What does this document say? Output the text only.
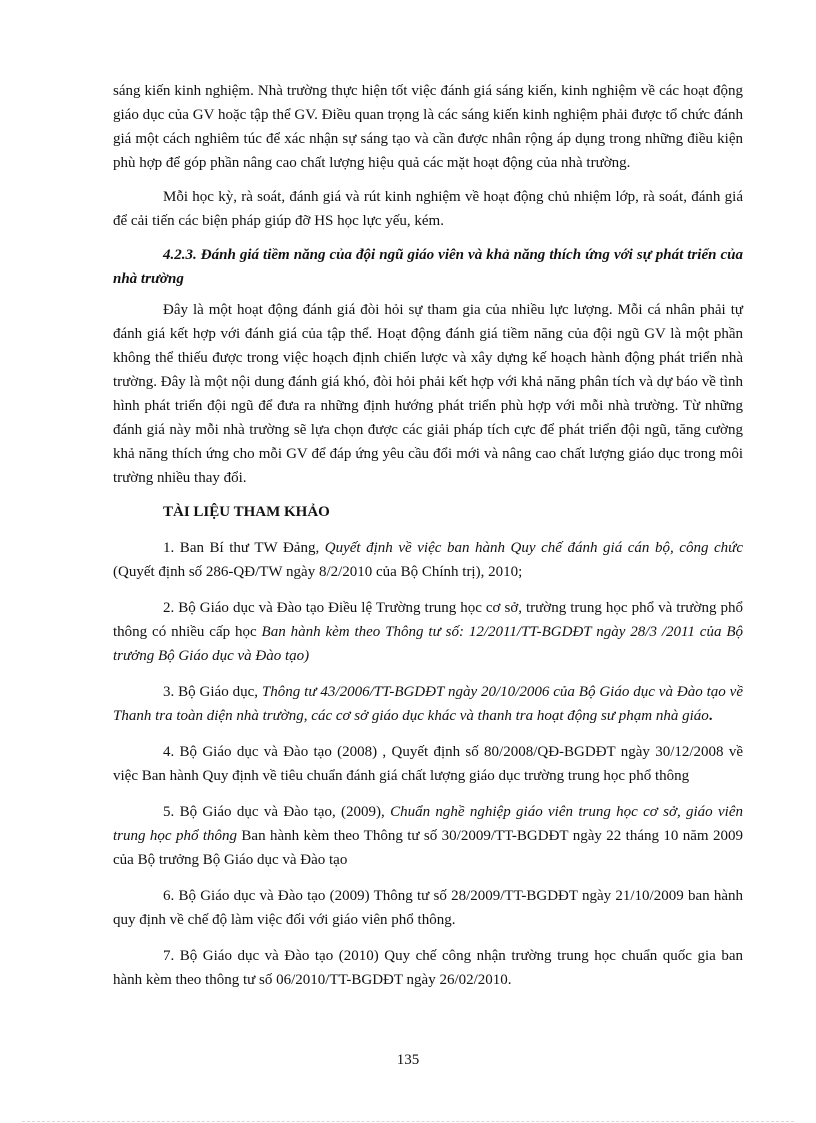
sáng kiến kinh nghiệm. Nhà trường thực hiện tốt việc đánh giá sáng kiến, kinh nghiệm về các hoạt động giáo dục của GV hoặc tập thể GV. Điều quan trọng là các sáng kiến kinh nghiệm phải được tổ chức đánh giá một cách nghiêm túc để xác nhận sự sáng tạo và cần được nhân rộng áp dụng trong những điều kiện phù hợp để góp phần nâng cao chất lượng hiệu quả các mặt hoạt động của nhà trường.

Mỗi học kỳ, rà soát, đánh giá và rút kinh nghiệm về hoạt động chủ nhiệm lớp, rà soát, đánh giá để cải tiến các biện pháp giúp đỡ HS học lực yếu, kém.

4.2.3. Đánh giá tiềm năng của đội ngũ giáo viên và khả năng thích ứng với sự phát triển của nhà trường

Đây là một hoạt động đánh giá đòi hỏi sự tham gia của nhiều lực lượng. Mỗi cá nhân phải tự đánh giá kết hợp với đánh giá của tập thể. Hoạt động đánh giá tiềm năng của đội ngũ GV là một phần không thể thiếu được trong việc hoạch định chiến lược và xây dựng kế hoạch hành động phát triển nhà trường. Đây là một nội dung đánh giá khó, đòi hỏi phải kết hợp với khả năng phân tích và dự báo về tình hình phát triển đội ngũ để đưa ra những định hướng phát triển phù hợp với mỗi nhà trường. Từ những đánh giá này mỗi nhà trường sẽ lựa chọn được các giải pháp tích cực để phát triển đội ngũ, tăng cường khả năng thích ứng cho mỗi GV để đáp ứng yêu cầu đổi mới và nâng cao chất lượng giáo dục trong môi trường nhiều thay đổi.

TÀI LIỆU THAM KHẢO

1. Ban Bí thư TW Đảng, Quyết định về việc ban hành Quy chế đánh giá cán bộ, công chức (Quyết định số 286-QĐ/TW ngày 8/2/2010 của Bộ Chính trị), 2010;

2. Bộ Giáo dục và Đào tạo Điều lệ Trường trung học cơ sở, trường trung học phổ và trường phổ thông có nhiều cấp học Ban hành kèm theo Thông tư số: 12/2011/TT-BGDĐT ngày 28/3 /2011 của Bộ trưởng Bộ Giáo dục và Đào tạo)

3. Bộ Giáo dục, Thông tư 43/2006/TT-BGDĐT ngày 20/10/2006 của Bộ Giáo dục và Đào tạo về Thanh tra toàn diện nhà trường, các cơ sở giáo dục khác và thanh tra hoạt động sư phạm nhà giáo.

4. Bộ Giáo dục và Đào tạo (2008) , Quyết định số 80/2008/QĐ-BGDĐT ngày 30/12/2008 về việc Ban hành Quy định về tiêu chuẩn đánh giá chất lượng giáo dục trường trung học phổ thông

5. Bộ Giáo dục và Đào tạo, (2009), Chuẩn nghề nghiệp giáo viên trung học cơ sở, giáo viên trung học phổ thông Ban hành kèm theo Thông tư số 30/2009/TT-BGDĐT ngày 22 tháng 10 năm 2009 của Bộ trưởng Bộ Giáo dục và Đào tạo

6. Bộ Giáo dục và Đào tạo (2009) Thông tư số 28/2009/TT-BGDĐT ngày 21/10/2009 ban hành quy định về chế độ làm việc đối với giáo viên phổ thông.

7. Bộ Giáo dục và Đào tạo (2010) Quy chế công nhận trường trung học chuẩn quốc gia ban hành kèm theo thông tư số 06/2010/TT-BGDĐT ngày 26/02/2010.

135
